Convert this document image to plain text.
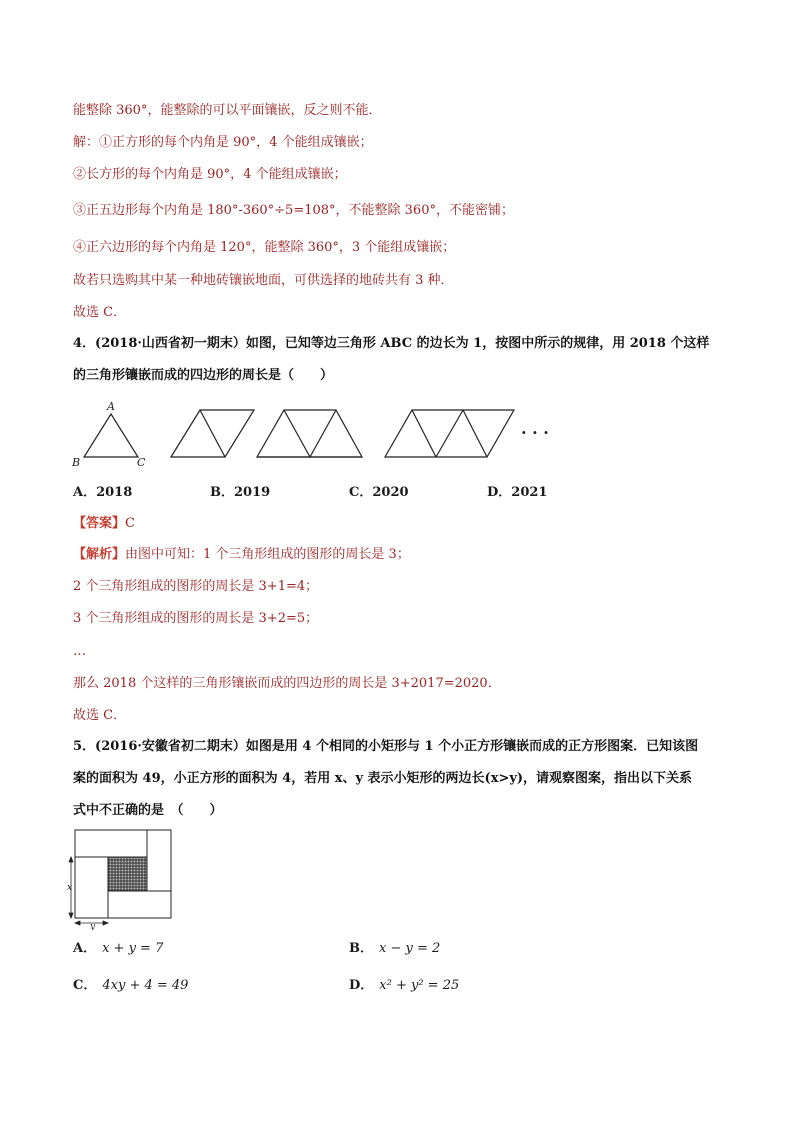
能整除 360°，能整除的可以平面镶嵌，反之则不能．
解：①正方形的每个内角是 90°，4 个能组成镶嵌；
②长方形的每个内角是 90°，4 个能组成镶嵌；
③正五边形每个内角是 180°-360°÷5=108°，不能整除 360°，不能密铺；
④正六边形的每个内角是 120°，能整除 360°，3 个能组成镶嵌；
故若只选购其中某一种地砖镶嵌地面，可供选择的地砖共有 3 种．
故选 C．
4．(2018·山西省初一期末）如图，已知等边三角形 ABC 的边长为 1，按图中所示的规律，用 2018 个这样
的三角形镶嵌而成的四边形的周长是（　　）
A
B	C
· · ·
A．2018	B．2019	C．2020	D．2021
【答案】C
【解析】由图中可知：1 个三角形组成的图形的周长是 3；
2 个三角形组成的图形的周长是 3+1=4；
3 个三角形组成的图形的周长是 3+2=5；
…
那么 2018 个这样的三角形镶嵌而成的四边形的周长是 3+2017=2020．
故选 C．
5．(2016·安徽省初二期末）如图是用 4 个相同的小矩形与 1 个小正方形镶嵌而成的正方形图案．已知该图
案的面积为 49，小正方形的面积为 4，若用 x、y 表示小矩形的两边长(x>y)，请观察图案，指出以下关系
式中不正确的是　（　　）
x
y
A． x + y = 7	B． x − y = 2
C． 4xy + 4 = 49	D． x² + y² = 25
